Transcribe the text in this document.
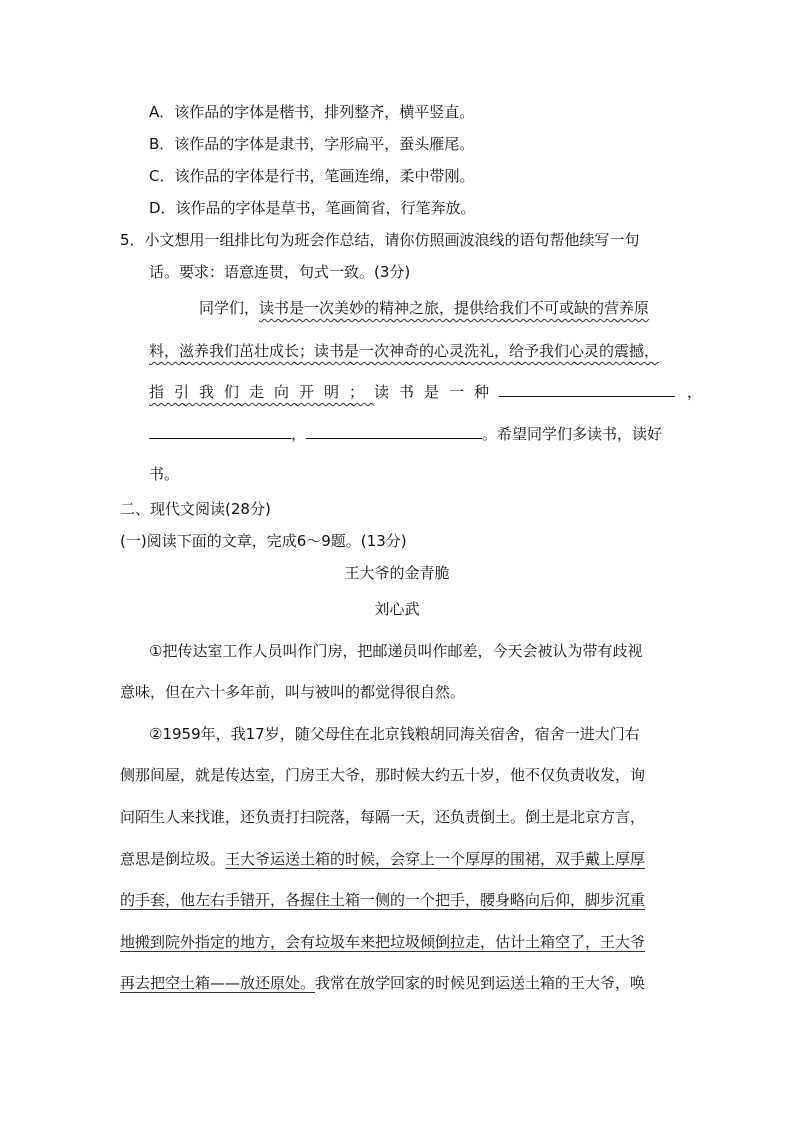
A．该作品的字体是楷书，排列整齐，横平竖直。
B．该作品的字体是隶书，字形扁平，蚕头雁尾。
C．该作品的字体是行书，笔画连绵，柔中带刚。
D．该作品的字体是草书，笔画简省，行笔奔放。
5．小文想用一组排比句为班会作总结，请你仿照画波浪线的语句帮他续写一句
话。要求：语意连贯，句式一致。(3分)
同学们，读书是一次美妙的精神之旅，提供给我们不可或缺的营养原
料，滋养我们茁壮成长；读书是一次神奇的心灵洗礼，给予我们心灵的震撼，
指引我们走向开明；读书是一种	，
，	。希望同学们多读书，读好
书。
二、现代文阅读(28分)
(一)阅读下面的文章，完成6～9题。(13分)
王大爷的金青脆
刘心武
①把传达室工作人员叫作门房，把邮递员叫作邮差，今天会被认为带有歧视
意味，但在六十多年前，叫与被叫的都觉得很自然。
②1959年，我17岁，随父母住在北京钱粮胡同海关宿舍，宿舍一进大门右
侧那间屋，就是传达室，门房王大爷，那时候大约五十岁，他不仅负责收发，询
问陌生人来找谁，还负责打扫院落，每隔一天，还负责倒土。倒土是北京方言，
意思是倒垃圾。王大爷运送土箱的时候，会穿上一个厚厚的围裙，双手戴上厚厚
的手套，他左右手错开，各握住土箱一侧的一个把手，腰身略向后仰，脚步沉重
地搬到院外指定的地方，会有垃圾车来把垃圾倾倒拉走，估计土箱空了，王大爷
再去把空土箱——放还原处。我常在放学回家的时候见到运送土箱的王大爷，唤
